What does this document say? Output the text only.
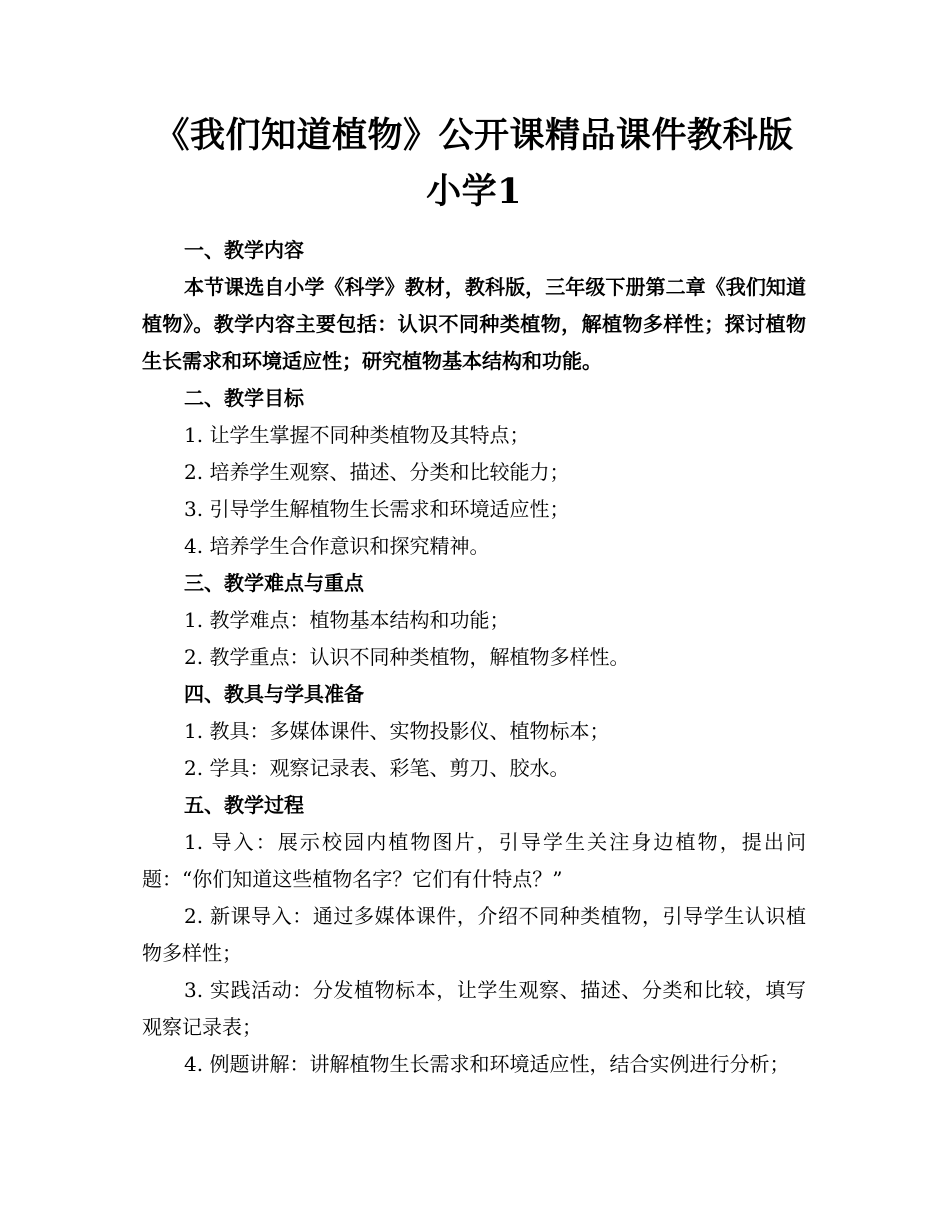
《我们知道植物》公开课精品课件教科版小学1

一、教学内容

本节课选自小学《科学》教材，教科版，三年级下册第二章《我们知道植物》。教学内容主要包括：认识不同种类植物，解植物多样性；探讨植物生长需求和环境适应性；研究植物基本结构和功能。

二、教学目标

1. 让学生掌握不同种类植物及其特点；

2. 培养学生观察、描述、分类和比较能力；

3. 引导学生解植物生长需求和环境适应性；

4. 培养学生合作意识和探究精神。

三、教学难点与重点

1. 教学难点：植物基本结构和功能；

2. 教学重点：认识不同种类植物，解植物多样性。

四、教具与学具准备

1. 教具：多媒体课件、实物投影仪、植物标本；

2. 学具：观察记录表、彩笔、剪刀、胶水。

五、教学过程

1. 导入：展示校园内植物图片，引导学生关注身边植物，提出问题：“你们知道这些植物名字？它们有什特点？”

2. 新课导入：通过多媒体课件，介绍不同种类植物，引导学生认识植物多样性；

3. 实践活动：分发植物标本，让学生观察、描述、分类和比较，填写观察记录表；

4. 例题讲解：讲解植物生长需求和环境适应性，结合实例进行分析；
